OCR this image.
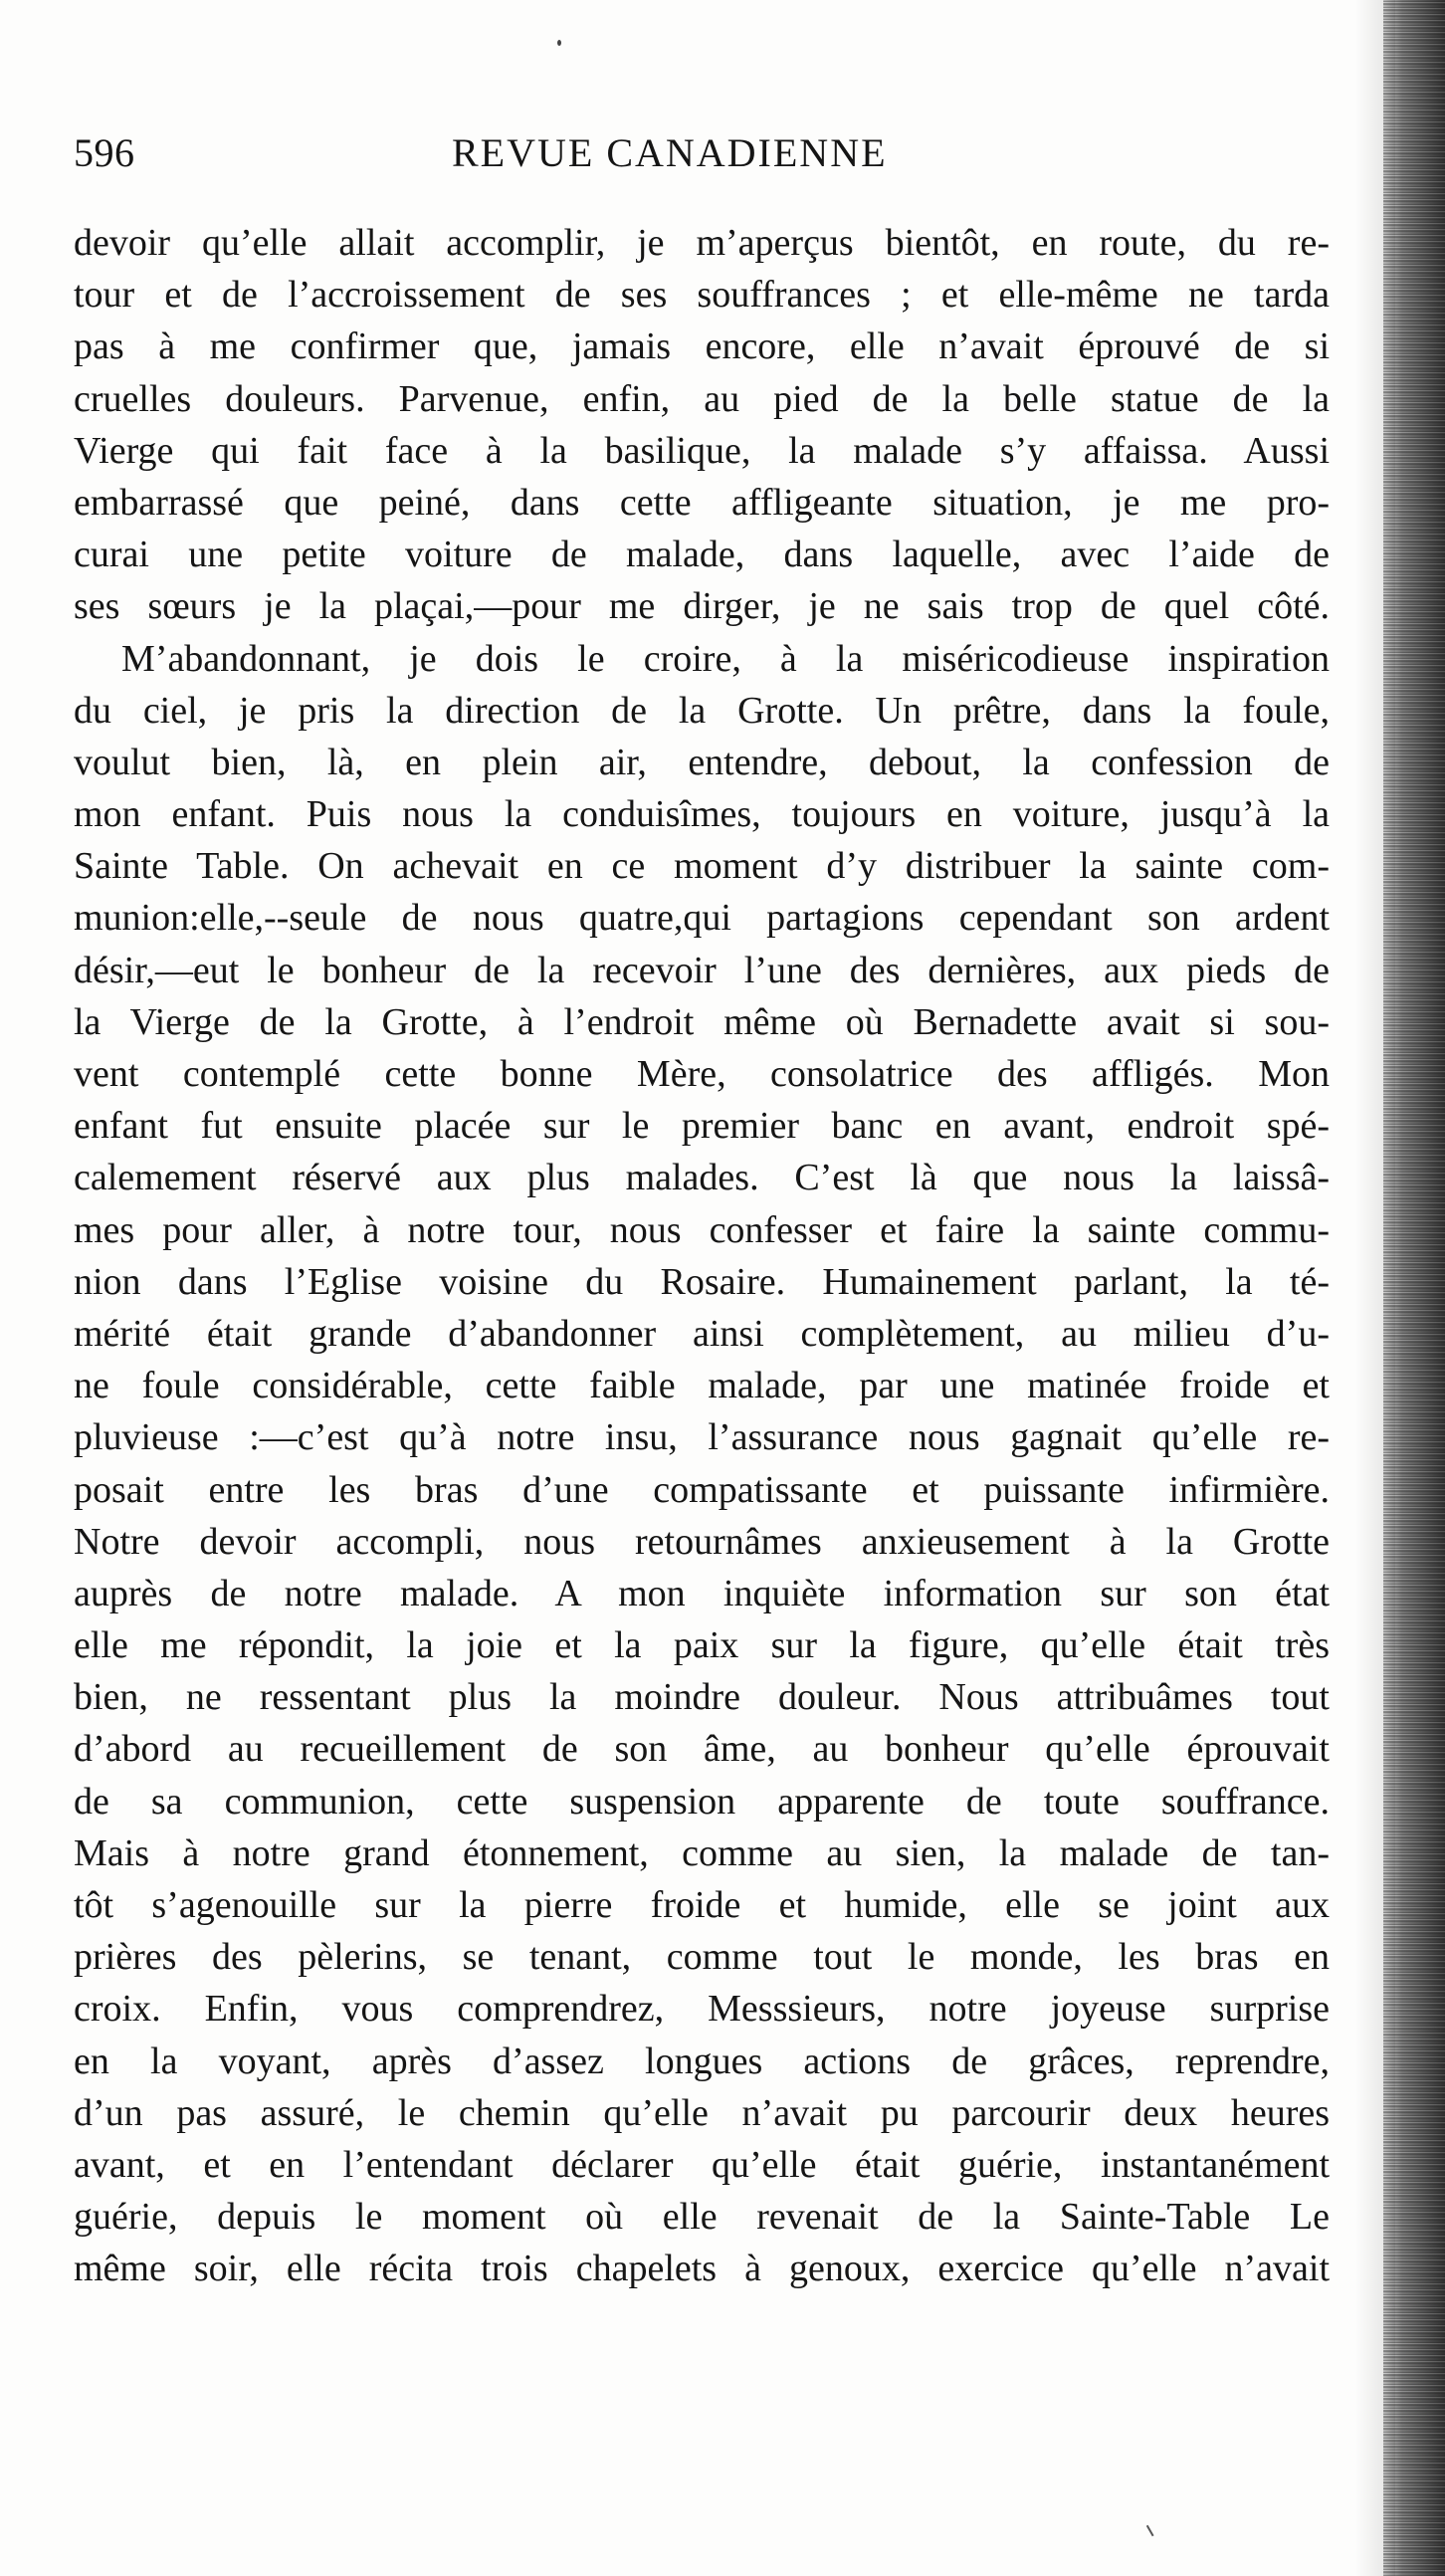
596	REVUE CANADIENNE
devoir qu’elle allait accomplir, je m’aperçus bientôt, en route, du re-
tour et de l’accroissement de ses souffrances ; et elle-même ne tarda
pas à me confirmer que, jamais encore, elle n’avait éprouvé de si
cruelles douleurs. Parvenue, enfin, au pied de la belle statue de la
Vierge qui fait face à la basilique, la malade s’y affaissa. Aussi
embarrassé que peiné, dans cette affligeante situation, je me pro-
curai une petite voiture de malade, dans laquelle, avec l’aide de
ses sœurs je la plaçai,—pour me dirger, je ne sais trop de quel côté.
M’abandonnant, je dois le croire, à la miséricodieuse inspiration
du ciel, je pris la direction de la Grotte. Un prêtre, dans la foule,
voulut bien, là, en plein air, entendre, debout, la confession de
mon enfant. Puis nous la conduisîmes, toujours en voiture, jusqu’à la
Sainte Table. On achevait en ce moment d’y distribuer la sainte com-
munion:elle,--seule de nous quatre,qui partagions cependant son ardent
désir,—eut le bonheur de la recevoir l’une des dernières, aux pieds de
la Vierge de la Grotte, à l’endroit même où Bernadette avait si sou-
vent contemplé cette bonne Mère, consolatrice des affligés. Mon
enfant fut ensuite placée sur le premier banc en avant, endroit spé-
calemement réservé aux plus malades. C’est là que nous la laissâ-
mes pour aller, à notre tour, nous confesser et faire la sainte commu-
nion dans l’Eglise voisine du Rosaire. Humainement parlant, la té-
mérité était grande d’abandonner ainsi complètement, au milieu d’u-
ne foule considérable, cette faible malade, par une matinée froide et
pluvieuse :—c’est qu’à notre insu, l’assurance nous gagnait qu’elle re-
posait entre les bras d’une compatissante et puissante infirmière.
Notre devoir accompli, nous retournâmes anxieusement à la Grotte
auprès de notre malade. A mon inquiète information sur son état
elle me répondit, la joie et la paix sur la figure, qu’elle était très
bien, ne ressentant plus la moindre douleur. Nous attribuâmes tout
d’abord au recueillement de son âme, au bonheur qu’elle éprouvait
de sa communion, cette suspension apparente de toute souffrance.
Mais à notre grand étonnement, comme au sien, la malade de tan-
tôt s’agenouille sur la pierre froide et humide, elle se joint aux
prières des pèlerins, se tenant, comme tout le monde, les bras en
croix. Enfin, vous comprendrez, Messsieurs, notre joyeuse surprise
en la voyant, après d’assez longues actions de grâces, reprendre,
d’un pas assuré, le chemin qu’elle n’avait pu parcourir deux heures
avant, et en l’entendant déclarer qu’elle était guérie, instantanément
guérie, depuis le moment où elle revenait de la Sainte-Table Le
même soir, elle récita trois chapelets à genoux, exercice qu’elle n’avait
